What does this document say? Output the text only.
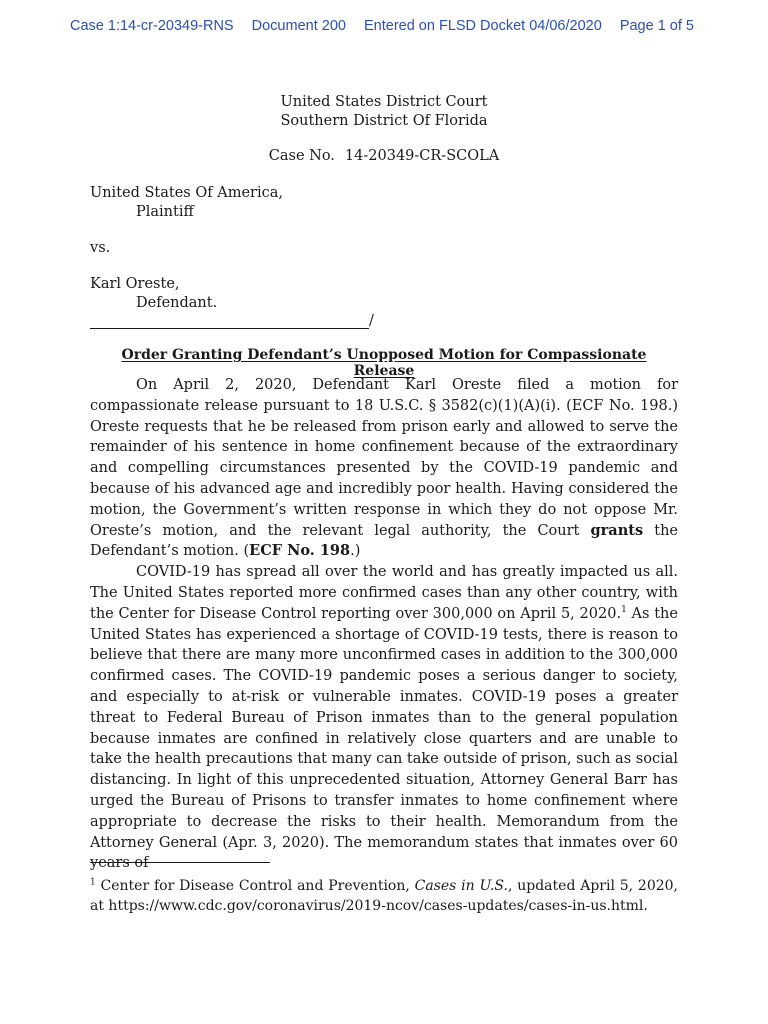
Case 1:14-cr-20349-RNS Document 200 Entered on FLSD Docket 04/06/2020 Page 1 of 5
United States District Court
Southern District Of Florida
Case No. 14-20349-CR-SCOLA
United States Of America,
Plaintiff
vs.
Karl Oreste,
Defendant.
/
Order Granting Defendant’s Unopposed Motion for Compassionate Release

On April 2, 2020, Defendant Karl Oreste filed a motion for compassionate release pursuant to 18 U.S.C. § 3582(c)(1)(A)(i). (ECF No. 198.) Oreste requests that he be released from prison early and allowed to serve the remainder of his sentence in home confinement because of the extraordinary and compelling circumstances presented by the COVID-19 pandemic and because of his advanced age and incredibly poor health. Having considered the motion, the Government’s written response in which they do not oppose Mr. Oreste’s motion, and the relevant legal authority, the Court grants the Defendant’s motion. (ECF No. 198.)

COVID-19 has spread all over the world and has greatly impacted us all. The United States reported more confirmed cases than any other country, with the Center for Disease Control reporting over 300,000 on April 5, 2020.$^1$ As the United States has experienced a shortage of COVID-19 tests, there is reason to believe that there are many more unconfirmed cases in addition to the 300,000 confirmed cases. The COVID-19 pandemic poses a serious danger to society, and especially to at-risk or vulnerable inmates. COVID-19 poses a greater threat to Federal Bureau of Prison inmates than to the general population because inmates are confined in relatively close quarters and are unable to take the health precautions that many can take outside of prison, such as social distancing. In light of this unprecedented situation, Attorney General Barr has urged the Bureau of Prisons to transfer inmates to home confinement where appropriate to decrease the risks to their health. Memorandum from the Attorney General (Apr. 3, 2020). The memorandum states that inmates over 60 years of

$^1$ Center for Disease Control and Prevention, Cases in U.S., updated April 5, 2020, at https://www.cdc.gov/coronavirus/2019-ncov/cases-updates/cases-in-us.html.
